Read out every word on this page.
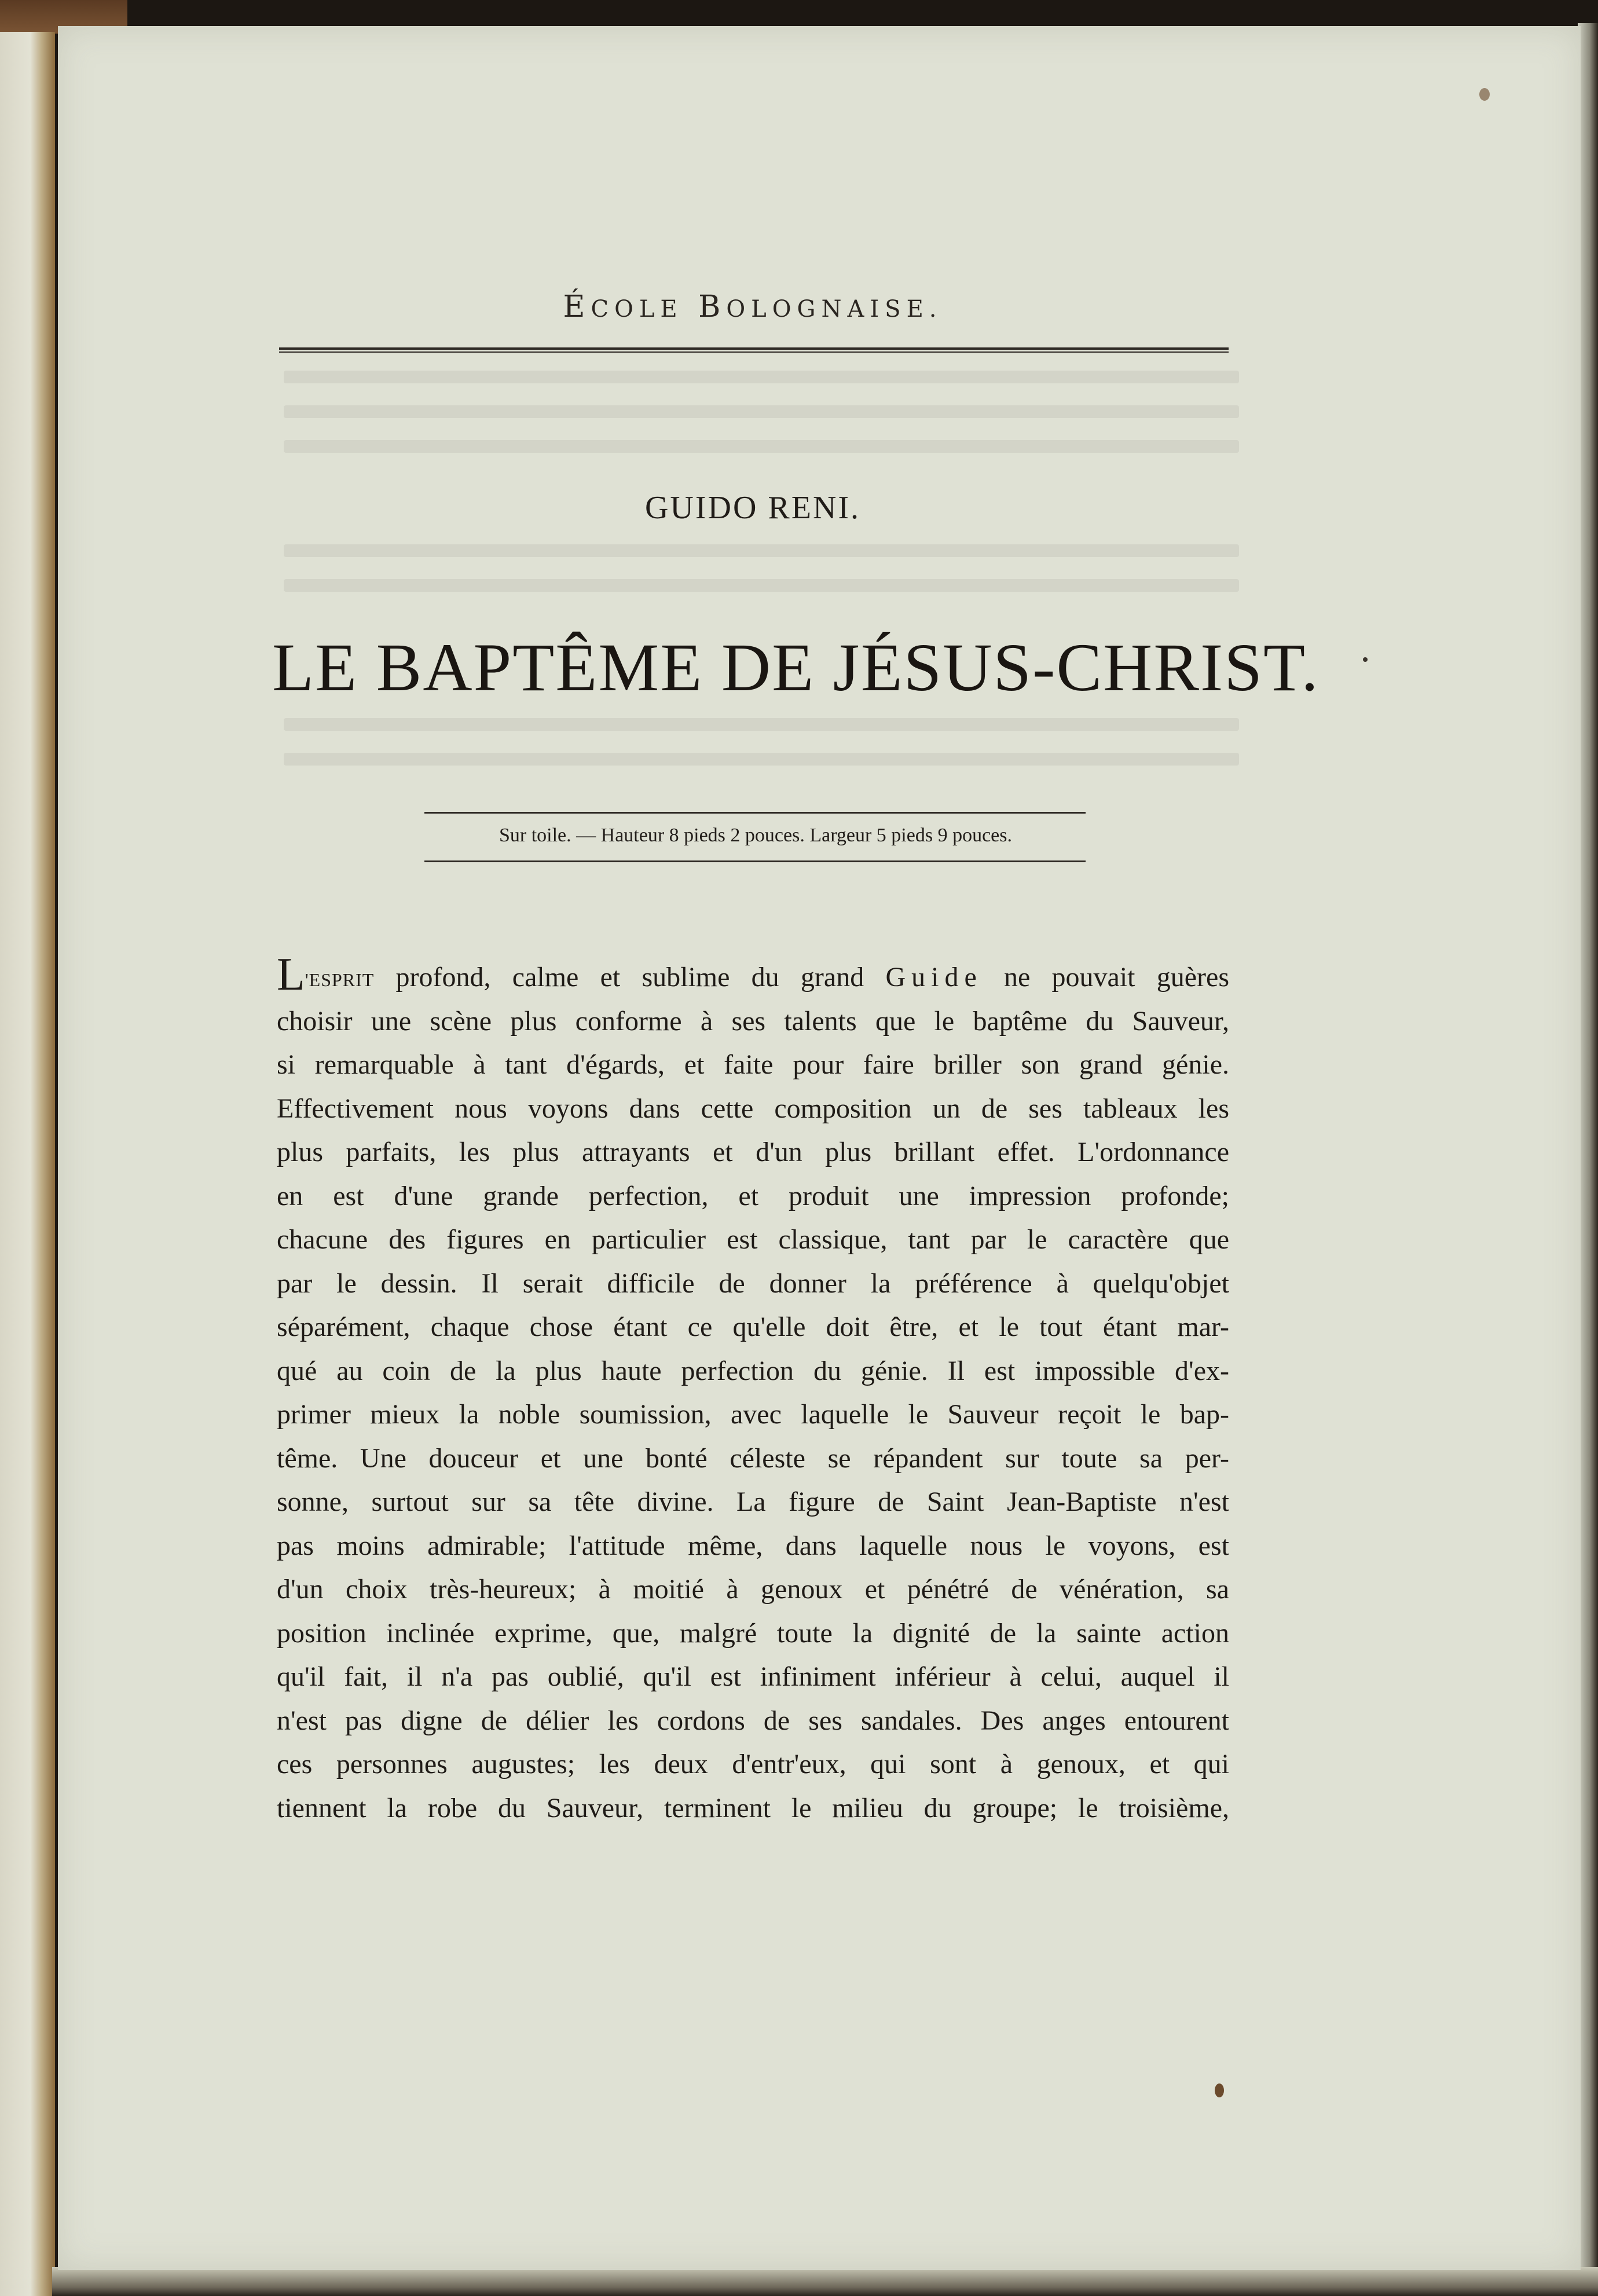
ÉCOLE BOLOGNAISE.
GUIDO RENI.
LE BAPTÊME DE JÉSUS-CHRIST.
Sur toile. — Hauteur 8 pieds 2 pouces. Largeur 5 pieds 9 pouces.
L'ESPRIT profond, calme et sublime du grand Guide ne pouvait guères
choisir une scène plus conforme à ses talents que le baptême du Sauveur,
si remarquable à tant d'égards, et faite pour faire briller son grand génie.
Effectivement nous voyons dans cette composition un de ses tableaux les
plus parfaits, les plus attrayants et d'un plus brillant effet. L'ordonnance
en est d'une grande perfection, et produit une impression profonde;
chacune des figures en particulier est classique, tant par le caractère que
par le dessin. Il serait difficile de donner la préférence à quelqu'objet
séparément, chaque chose étant ce qu'elle doit être, et le tout étant mar-
qué au coin de la plus haute perfection du génie. Il est impossible d'ex-
primer mieux la noble soumission, avec laquelle le Sauveur reçoit le bap-
tême. Une douceur et une bonté céleste se répandent sur toute sa per-
sonne, surtout sur sa tête divine. La figure de Saint Jean-Baptiste n'est
pas moins admirable; l'attitude même, dans laquelle nous le voyons, est
d'un choix très-heureux; à moitié à genoux et pénétré de vénération, sa
position inclinée exprime, que, malgré toute la dignité de la sainte action
qu'il fait, il n'a pas oublié, qu'il est infiniment inférieur à celui, auquel il
n'est pas digne de délier les cordons de ses sandales. Des anges entourent
ces personnes augustes; les deux d'entr'eux, qui sont à genoux, et qui
tiennent la robe du Sauveur, terminent le milieu du groupe; le troisième,
